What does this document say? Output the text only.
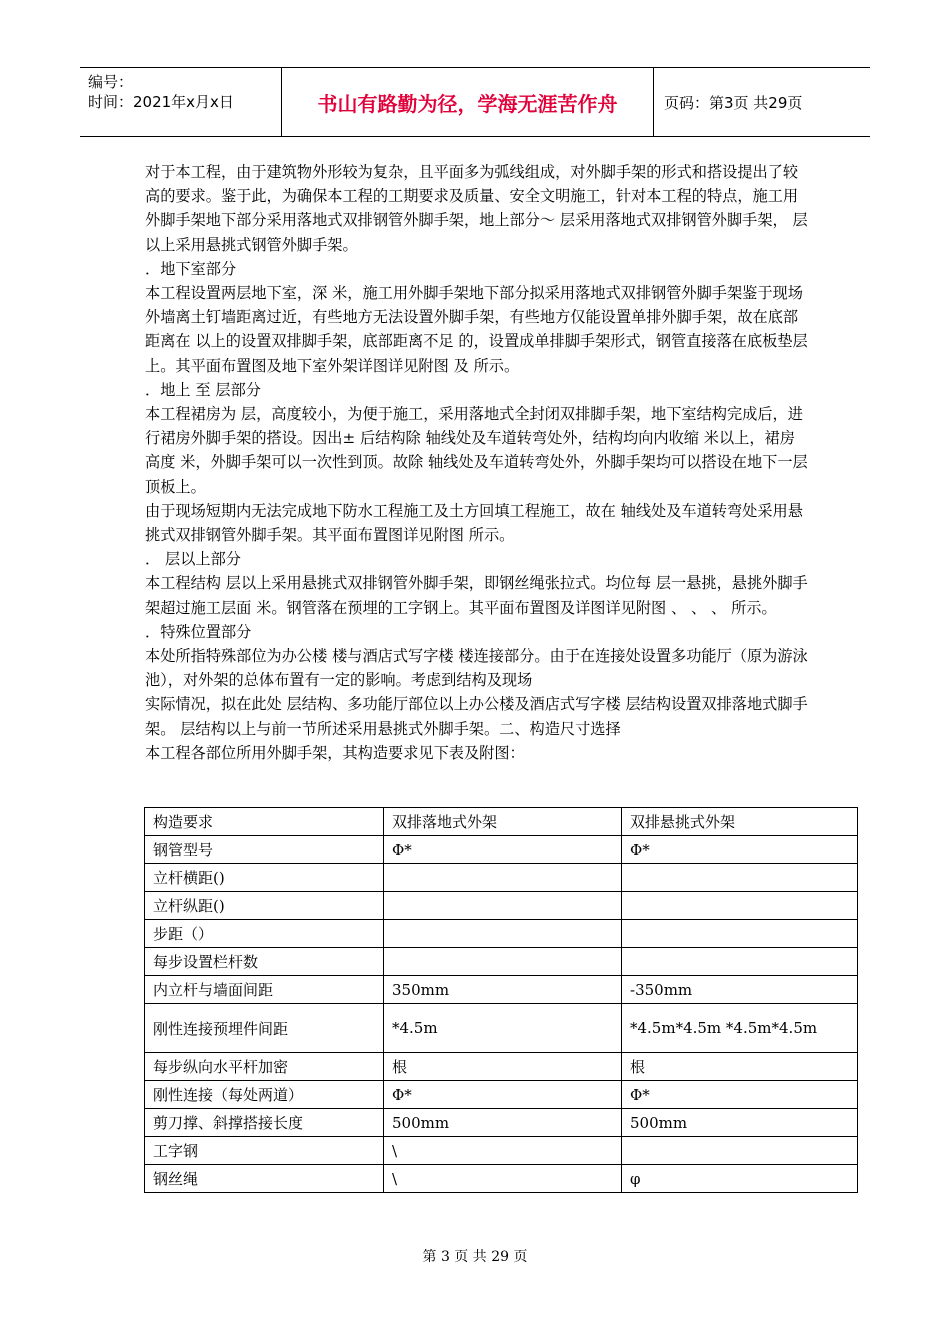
编号：
时间：2021年x月x日	书山有路勤为径，学海无涯苦作舟	页码：第3页 共29页

对于本工程，由于建筑物外形较为复杂，且平面多为弧线组成，对外脚手架的形式和搭设提出了较高的要求。鉴于此，为确保本工程的工期要求及质量、安全文明施工，针对本工程的特点，施工用外脚手架地下部分采用落地式双排钢管外脚手架，地上部分～ 层采用落地式双排钢管外脚手架， 层以上采用悬挑式钢管外脚手架。

．地下室部分

本工程设置两层地下室，深 米，施工用外脚手架地下部分拟采用落地式双排钢管外脚手架鉴于现场外墙离土钉墙距离过近，有些地方无法设置外脚手架，有些地方仅能设置单排外脚手架，故在底部距离在 以上的设置双排脚手架，底部距离不足 的，设置成单排脚手架形式，钢管直接落在底板垫层上。其平面布置图及地下室外架详图详见附图 及 所示。

．地上 至 层部分

本工程裙房为 层，高度较小，为便于施工，采用落地式全封闭双排脚手架，地下室结构完成后，进行裙房外脚手架的搭设。因出± 后结构除 轴线处及车道转弯处外，结构均向内收缩 米以上，裙房高度 米，外脚手架可以一次性到顶。故除 轴线处及车道转弯处外，外脚手架均可以搭设在地下一层顶板上。

由于现场短期内无法完成地下防水工程施工及土方回填工程施工，故在 轴线处及车道转弯处采用悬挑式双排钢管外脚手架。其平面布置图详见附图 所示。

． 层以上部分

本工程结构 层以上采用悬挑式双排钢管外脚手架，即钢丝绳张拉式。均位每 层一悬挑，悬挑外脚手架超过施工层面 米。钢管落在预埋的工字钢上。其平面布置图及详图详见附图 、 、 、 所示。

．特殊位置部分

本处所指特殊部位为办公楼 楼与酒店式写字楼 楼连接部分。由于在连接处设置多功能厅（原为游泳池），对外架的总体布置有一定的影响。考虑到结构及现场

实际情况，拟在此处 层结构、多功能厅部位以上办公楼及酒店式写字楼 层结构设置双排落地式脚手架。 层结构以上与前一节所述采用悬挑式外脚手架。二、构造尺寸选择

本工程各部位所用外脚手架，其构造要求见下表及附图：

构造要求	双排落地式外架	双排悬挑式外架
钢管型号	Φ*	Φ*
立杆横距()		
立杆纵距()		
步距（）		
每步设置栏杆数		
内立杆与墙面间距	350mm	-350mm
刚性连接预埋件间距	*4.5m	*4.5m*4.5m *4.5m*4.5m
每步纵向水平杆加密	根	根
刚性连接（每处两道）	Φ*	Φ*
剪刀撑、斜撑搭接长度	500mm	500mm
工字钢	\	
钢丝绳	\	φ
第 3 页 共 29 页
